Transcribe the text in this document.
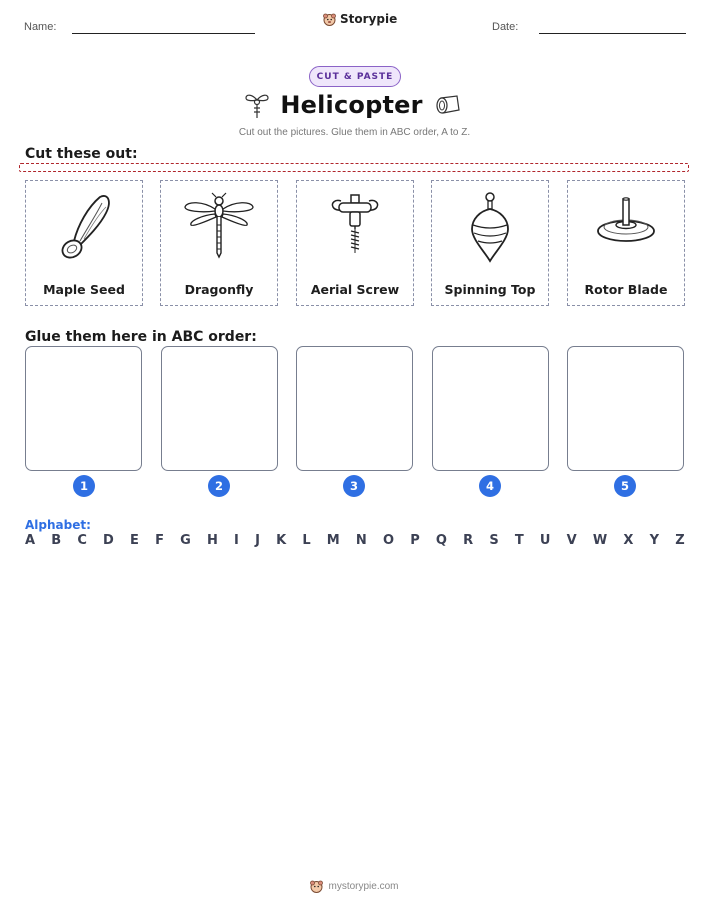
Name:
Storypie
Date:
CUT & PASTE
Helicopter
Cut out the pictures. Glue them in ABC order, A to Z.
Cut these out:
Maple Seed	Dragonfly	Aerial Screw	Spinning Top	Rotor Blade
Glue them here in ABC order:
1	2	3	4	5
Alphabet:
A B C D E F G H I J K L M N O P Q R S T U V W X Y Z
mystorypie.com
